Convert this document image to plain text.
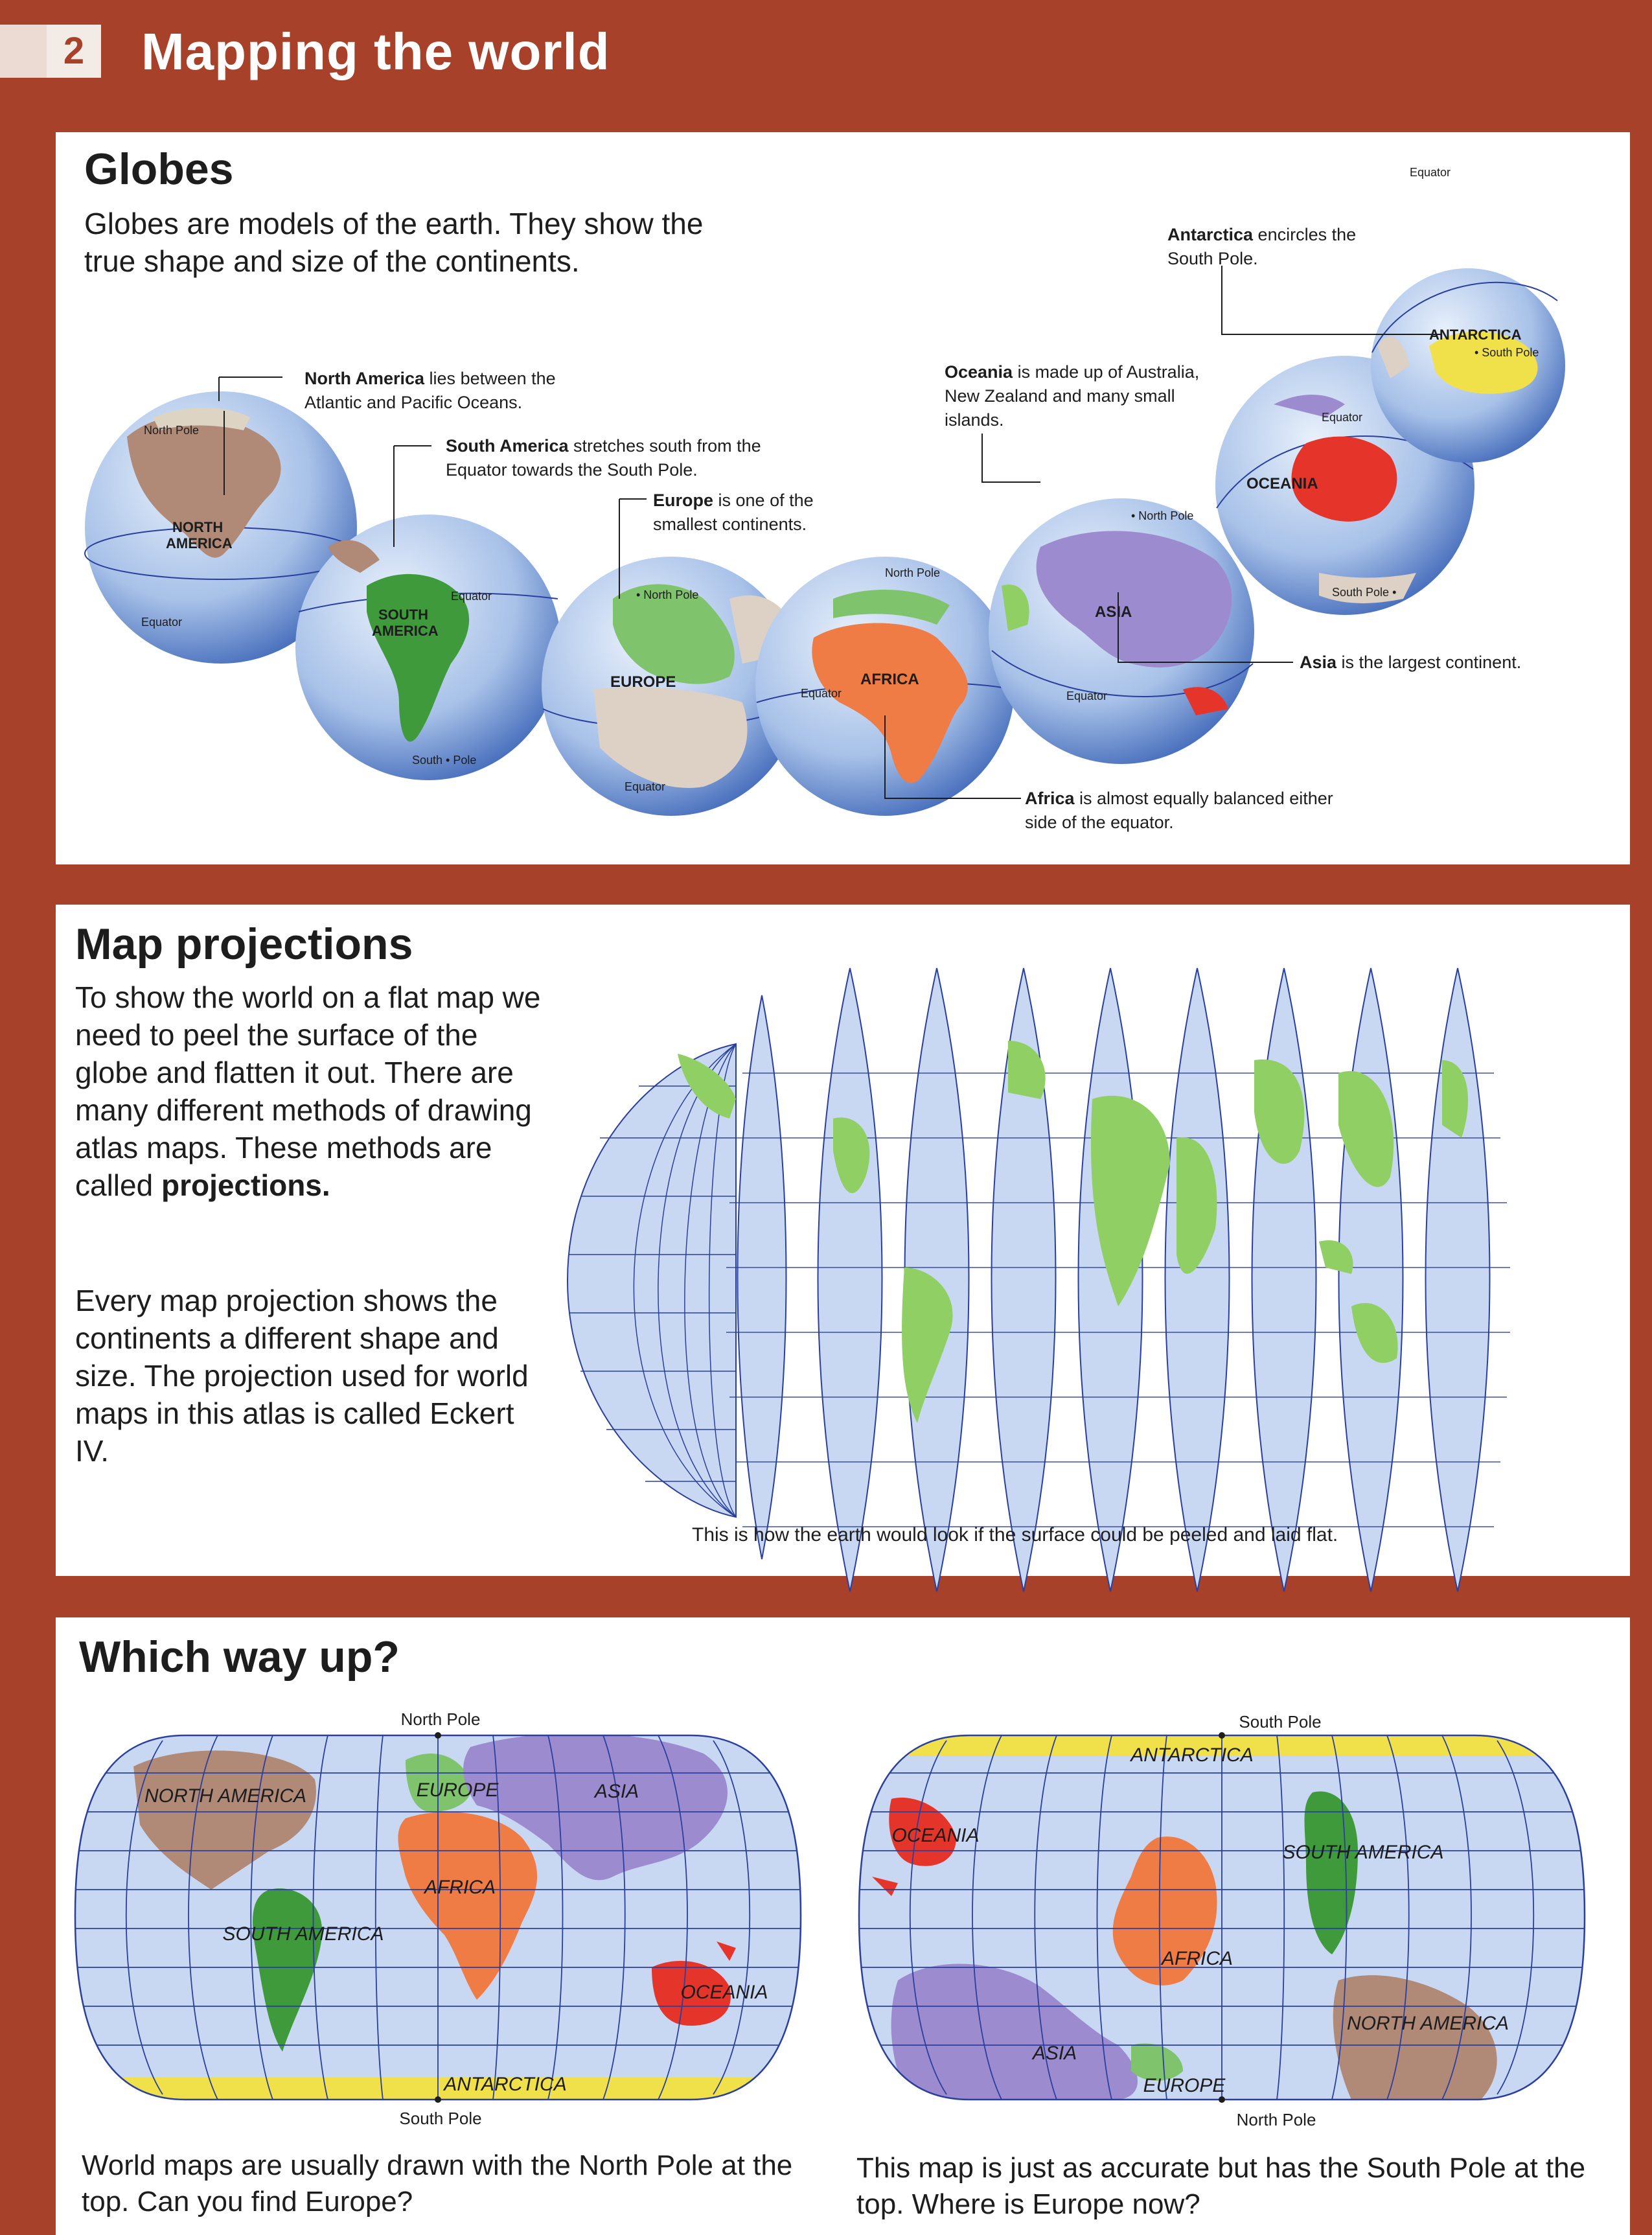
2	Mapping the world
Globes
Globes are models of the earth. They show the true shape and size of the continents.
NORTH
AMERICA
SOUTH
AMERICA
EUROPE	AFRICA
ASIA
OCEANIA
ANTARCTICA
Equator
Equator
Equator
Equator	Equator
Equator
Equator
North Pole
• North Pole
North Pole
• North Pole
South • Pole
South Pole •
• South Pole
North America lies between the Atlantic and Pacific Oceans.
South America stretches south from the Equator towards the South Pole.
Europe is one of the smallest continents.
Africa is almost equally balanced either side of the equator.
Asia is the largest continent.
Oceania is made up of Australia, New Zealand and many small islands.
Antarctica encircles the South Pole.
Map projections
To show the world on a flat map we need to peel the surface of the globe and flatten it out. There are many different methods of drawing atlas maps. These methods are called projections.
Every map projection shows the continents a different shape and size. The projection used for world maps in this atlas is called Eckert IV.
This is how the earth would look if the surface could be peeled and laid flat.
Which way up?
North Pole
South Pole
NORTH AMERICA
SOUTH AMERICA
EUROPE	ASIA
AFRICA
OCEANIA
ANTARCTICA
South Pole
North Pole
ANTARCTICA
OCEANIA
SOUTH AMERICA
AFRICA
ASIA
NORTH AMERICA
EUROPE
World maps are usually drawn with the North Pole at the top. Can you find Europe?
This map is just as accurate but has the South Pole at the top. Where is Europe now?
